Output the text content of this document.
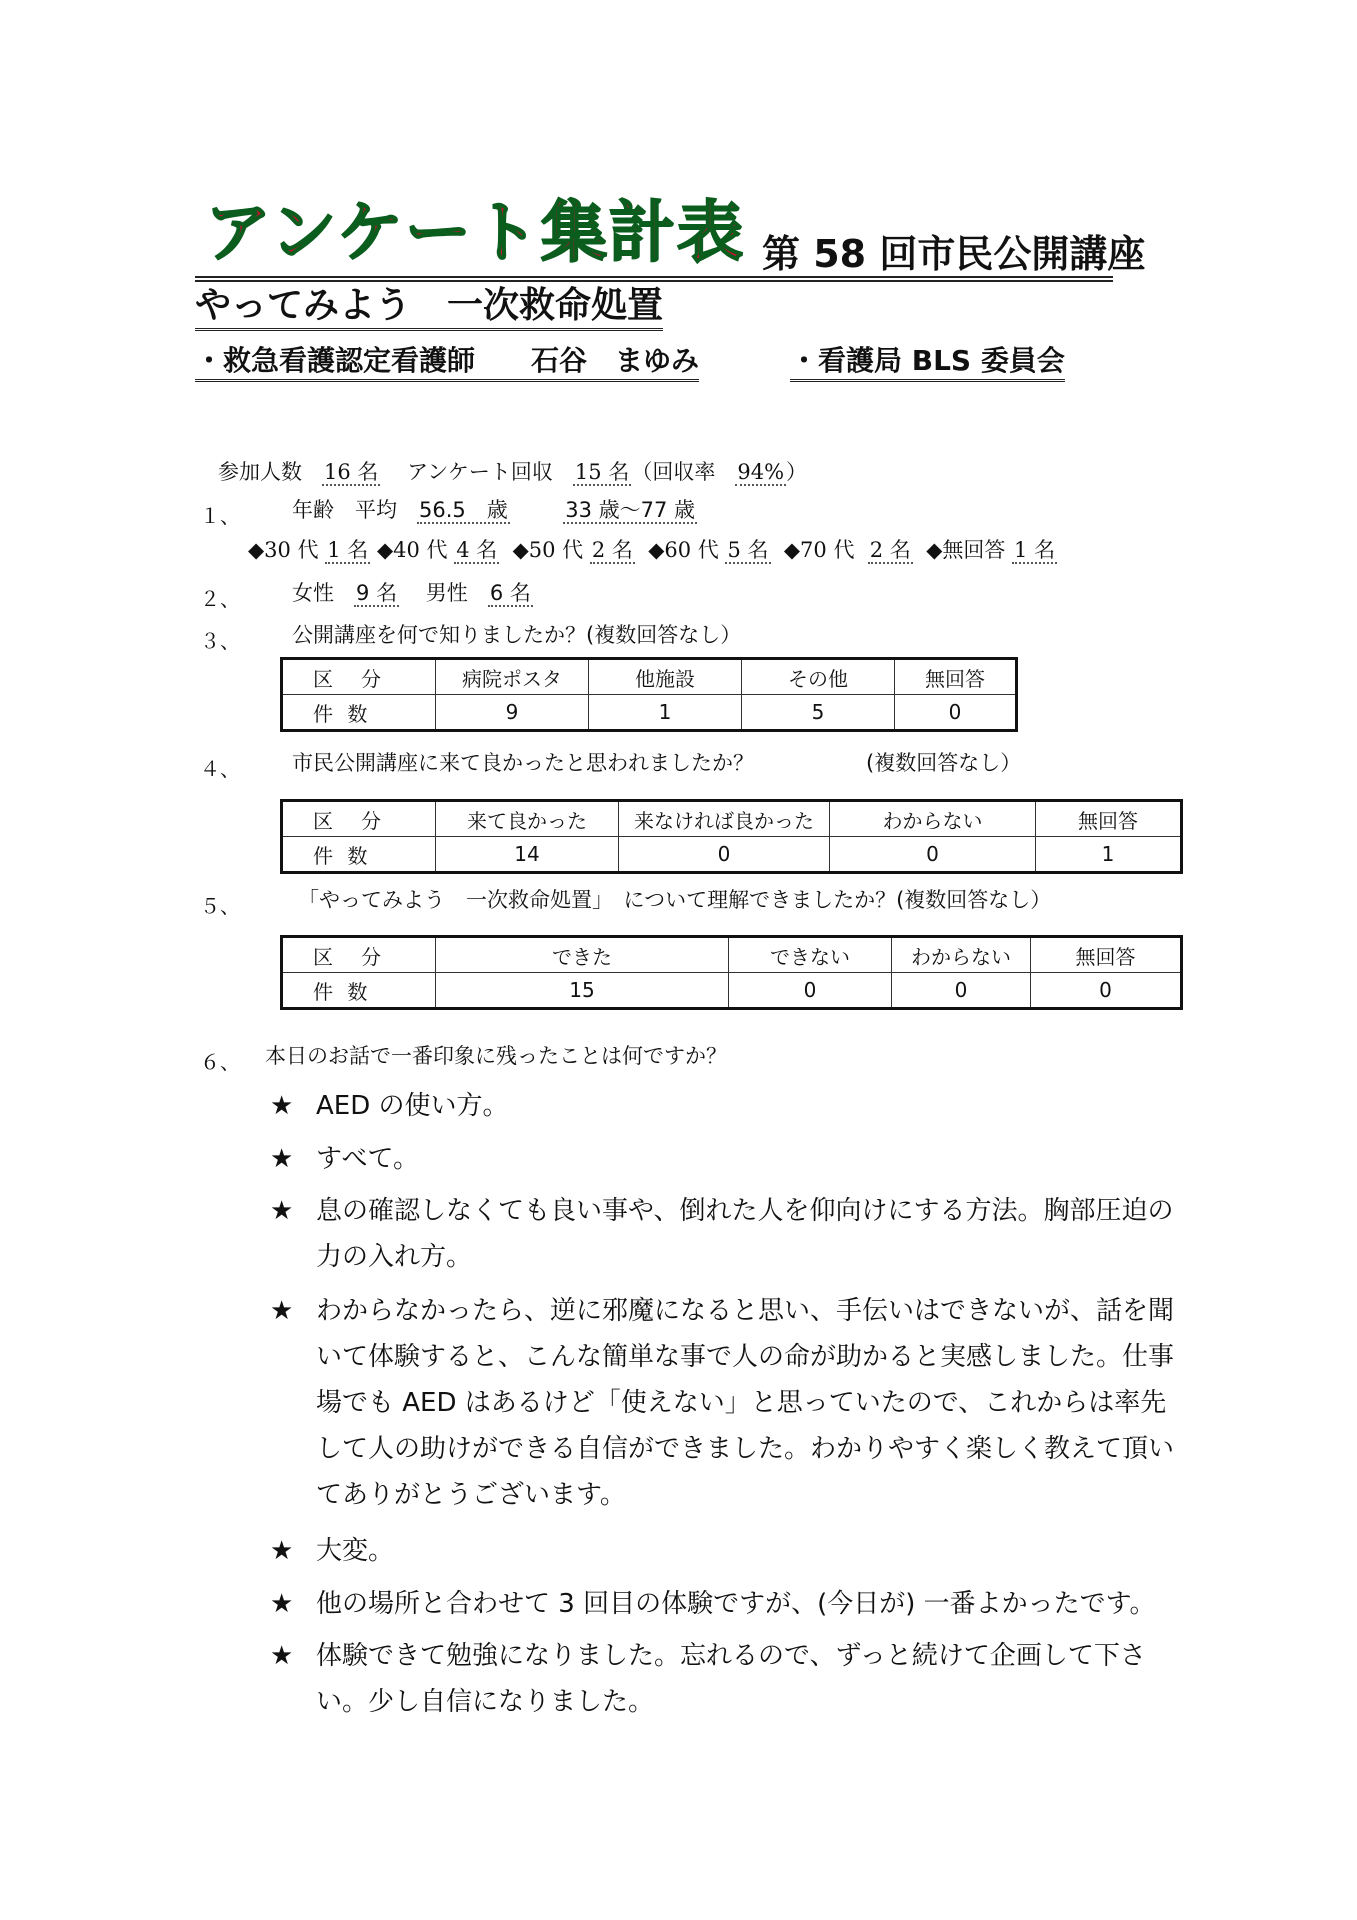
アンケート集計表 第 58 回市民公開講座
やってみよう　一次救命処置
・救急看護認定看護師　　石谷　まゆみ	・看護局 BLS 委員会
参加人数 16 名 アンケート回収 15 名（回収率 94%）
１、 年齢　平均 56.5　歳	33 歳〜77 歳
◆30 代 1 名 ◆40 代 4 名 ◆50 代 2 名 ◆60 代 5 名 ◆70 代 2 名 ◆無回答 1 名
２、 女性 9 名 男性 6 名
３、 公開講座を何で知りましたか？(複数回答なし）
区　分	病院ポスタ	他施設	その他	無回答
件 数	9	1	5	0
４、 市民公開講座に来て良かったと思われましたか？	(複数回答なし）
区　分	来て良かった	来なければ良かった	わからない	無回答
件 数	14	0	0	1
５、	「やってみよう　一次救命処置」　について理解できましたか？(複数回答なし）
区　分	できた	できない	わからない	無回答
件 数	15	0	0	0
６、 本日のお話で一番印象に残ったことは何ですか？
★ AED の使い方。
★ すべて。
★ 息の確認しなくても良い事や、倒れた人を仰向けにする方法。胸部圧迫の力の入れ方。
★ わからなかったら、逆に邪魔になると思い、手伝いはできないが、話を聞いて体験すると、こんな簡単な事で人の命が助かると実感しました。仕事場でも AED はあるけど「使えない」と思っていたので、これからは率先して人の助けができる自信ができました。わかりやすく楽しく教えて頂いてありがとうございます。
★ 大変。
★ 他の場所と合わせて 3 回目の体験ですが、(今日が) 一番よかったです。
★ 体験できて勉強になりました。忘れるので、ずっと続けて企画して下さい。少し自信になりました。
